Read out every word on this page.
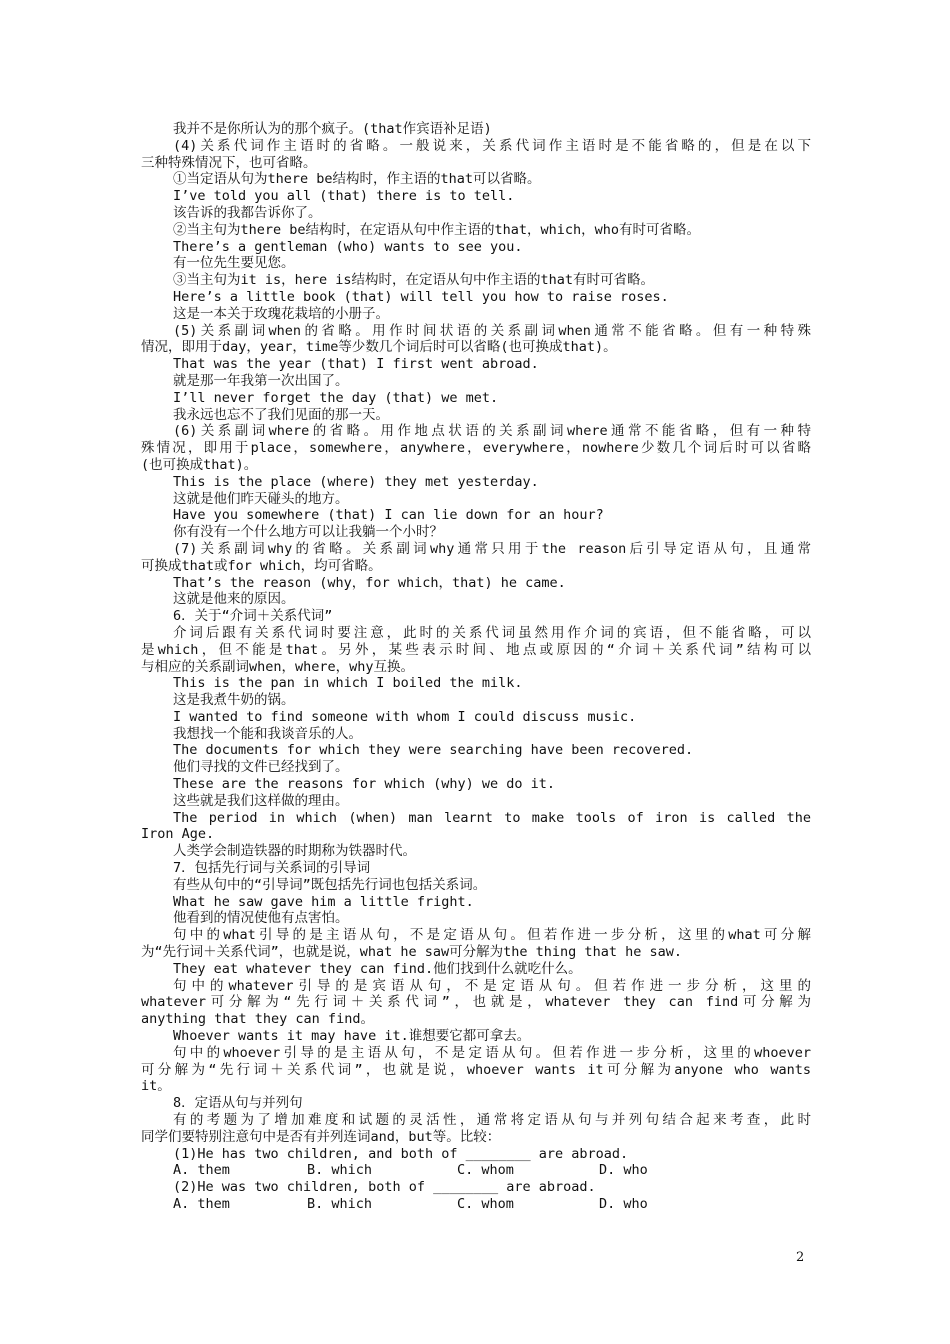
我并不是你所认为的那个疯子。(that作宾语补足语)
(4)关系代词作主语时的省略。一般说来，关系代词作主语时是不能省略的，但是在以下
三种特殊情况下，也可省略。
①当定语从句为there be结构时，作主语的that可以省略。
I’ve told you all (that) there is to tell.
该告诉的我都告诉你了。
②当主句为there be结构时，在定语从句中作主语的that，which，who有时可省略。
There’s a gentleman (who) wants to see you.
有一位先生要见您。
③当主句为it is，here is结构时，在定语从句中作主语的that有时可省略。
Here’s a little book (that) will tell you how to raise roses.
这是一本关于玫瑰花栽培的小册子。
(5)关系副词when的省略。用作时间状语的关系副词when通常不能省略。但有一种特殊
情况，即用于day，year，time等少数几个词后时可以省略(也可换成that)。
That was the year (that) I first went abroad.
就是那一年我第一次出国了。
I’ll never forget the day (that) we met.
我永远也忘不了我们见面的那一天。
(6)关系副词where的省略。用作地点状语的关系副词where通常不能省略，但有一种特
殊情况，即用于place，somewhere，anywhere，everywhere，nowhere少数几个词后时可以省略
(也可换成that)。
This is the place (where) they met yesterday.
这就是他们昨天碰头的地方。
Have you somewhere (that) I can lie down for an hour?
你有没有一个什么地方可以让我躺一个小时？
(7)关系副词why的省略。关系副词why通常只用于the reason后引导定语从句，且通常
可换成that或for which，均可省略。
That’s the reason (why，for which，that) he came.
这就是他来的原因。
6．关于“介词＋关系代词”
介词后跟有关系代词时要注意，此时的关系代词虽然用作介词的宾语，但不能省略，可以
是which，但不能是that。另外，某些表示时间、地点或原因的“介词＋关系代词”结构可以
与相应的关系副词when，where，why互换。
This is the pan in which I boiled the milk.
这是我煮牛奶的锅。
I wanted to find someone with whom I could discuss music.
我想找一个能和我谈音乐的人。
The documents for which they were searching have been recovered.
他们寻找的文件已经找到了。
These are the reasons for which (why) we do it.
这些就是我们这样做的理由。
The period in which (when) man learnt to make tools of iron is called the
Iron Age.
人类学会制造铁器的时期称为铁器时代。
7．包括先行词与关系词的引导词
有些从句中的“引导词”既包括先行词也包括关系词。
What he saw gave him a little fright.
他看到的情况使他有点害怕。
句中的what引导的是主语从句，不是定语从句。但若作进一步分析，这里的what可分解
为“先行词＋关系代词”，也就是说，what he saw可分解为the thing that he saw.
They eat whatever they can find.他们找到什么就吃什么。
句中的whatever引导的是宾语从句，不是定语从句。但若作进一步分析，这里的
whatever可分解为“先行词＋关系代词”，也就是，whatever they can find可分解为
anything that they can find。
Whoever wants it may have it.谁想要它都可拿去。
句中的whoever引导的是主语从句，不是定语从句。但若作进一步分析，这里的whoever
可分解为“先行词＋关系代词”，也就是说，whoever wants it可分解为anyone who wants
it。
8．定语从句与并列句
有的考题为了增加难度和试题的灵活性，通常将定语从句与并列句结合起来考查，此时
同学们要特别注意句中是否有并列连词and，but等。比较：
(1)He has two children, and both of ________ are abroad.
A. them	B. which	C. whom	D. who
(2)He was two children, both of ________ are abroad.
A. them	B. which	C. whom	D. who
2
